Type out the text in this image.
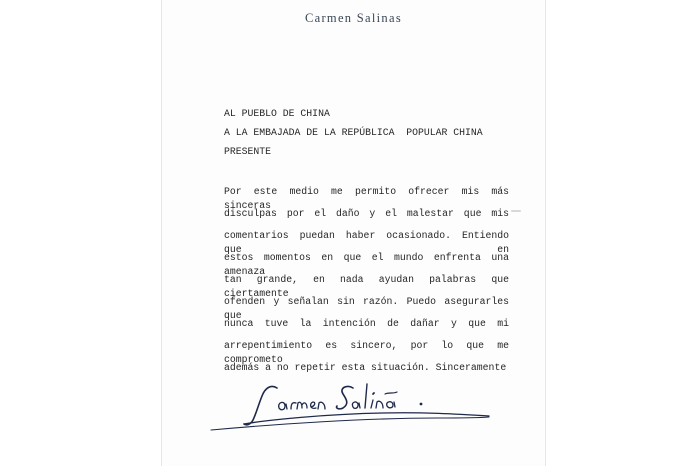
Carmen Salinas
AL PUEBLO DE CHINA
A LA EMBAJADA DE LA REPÚBLICA  POPULAR CHINA
PRESENTE
Por este medio me permito ofrecer mis más sinceras
disculpas por el daño y el malestar que mis
comentarios puedan haber ocasionado. Entiendo que en
estos momentos en que el mundo enfrenta una amenaza
tan grande, en nada ayudan palabras que ciertamente
ofenden y señalan sin razón. Puedo asegurarles que
nunca tuve la intención de dañar y que mi
arrepentimiento es sincero, por lo que me comprometo
además a no repetir esta situación. Sinceramente
